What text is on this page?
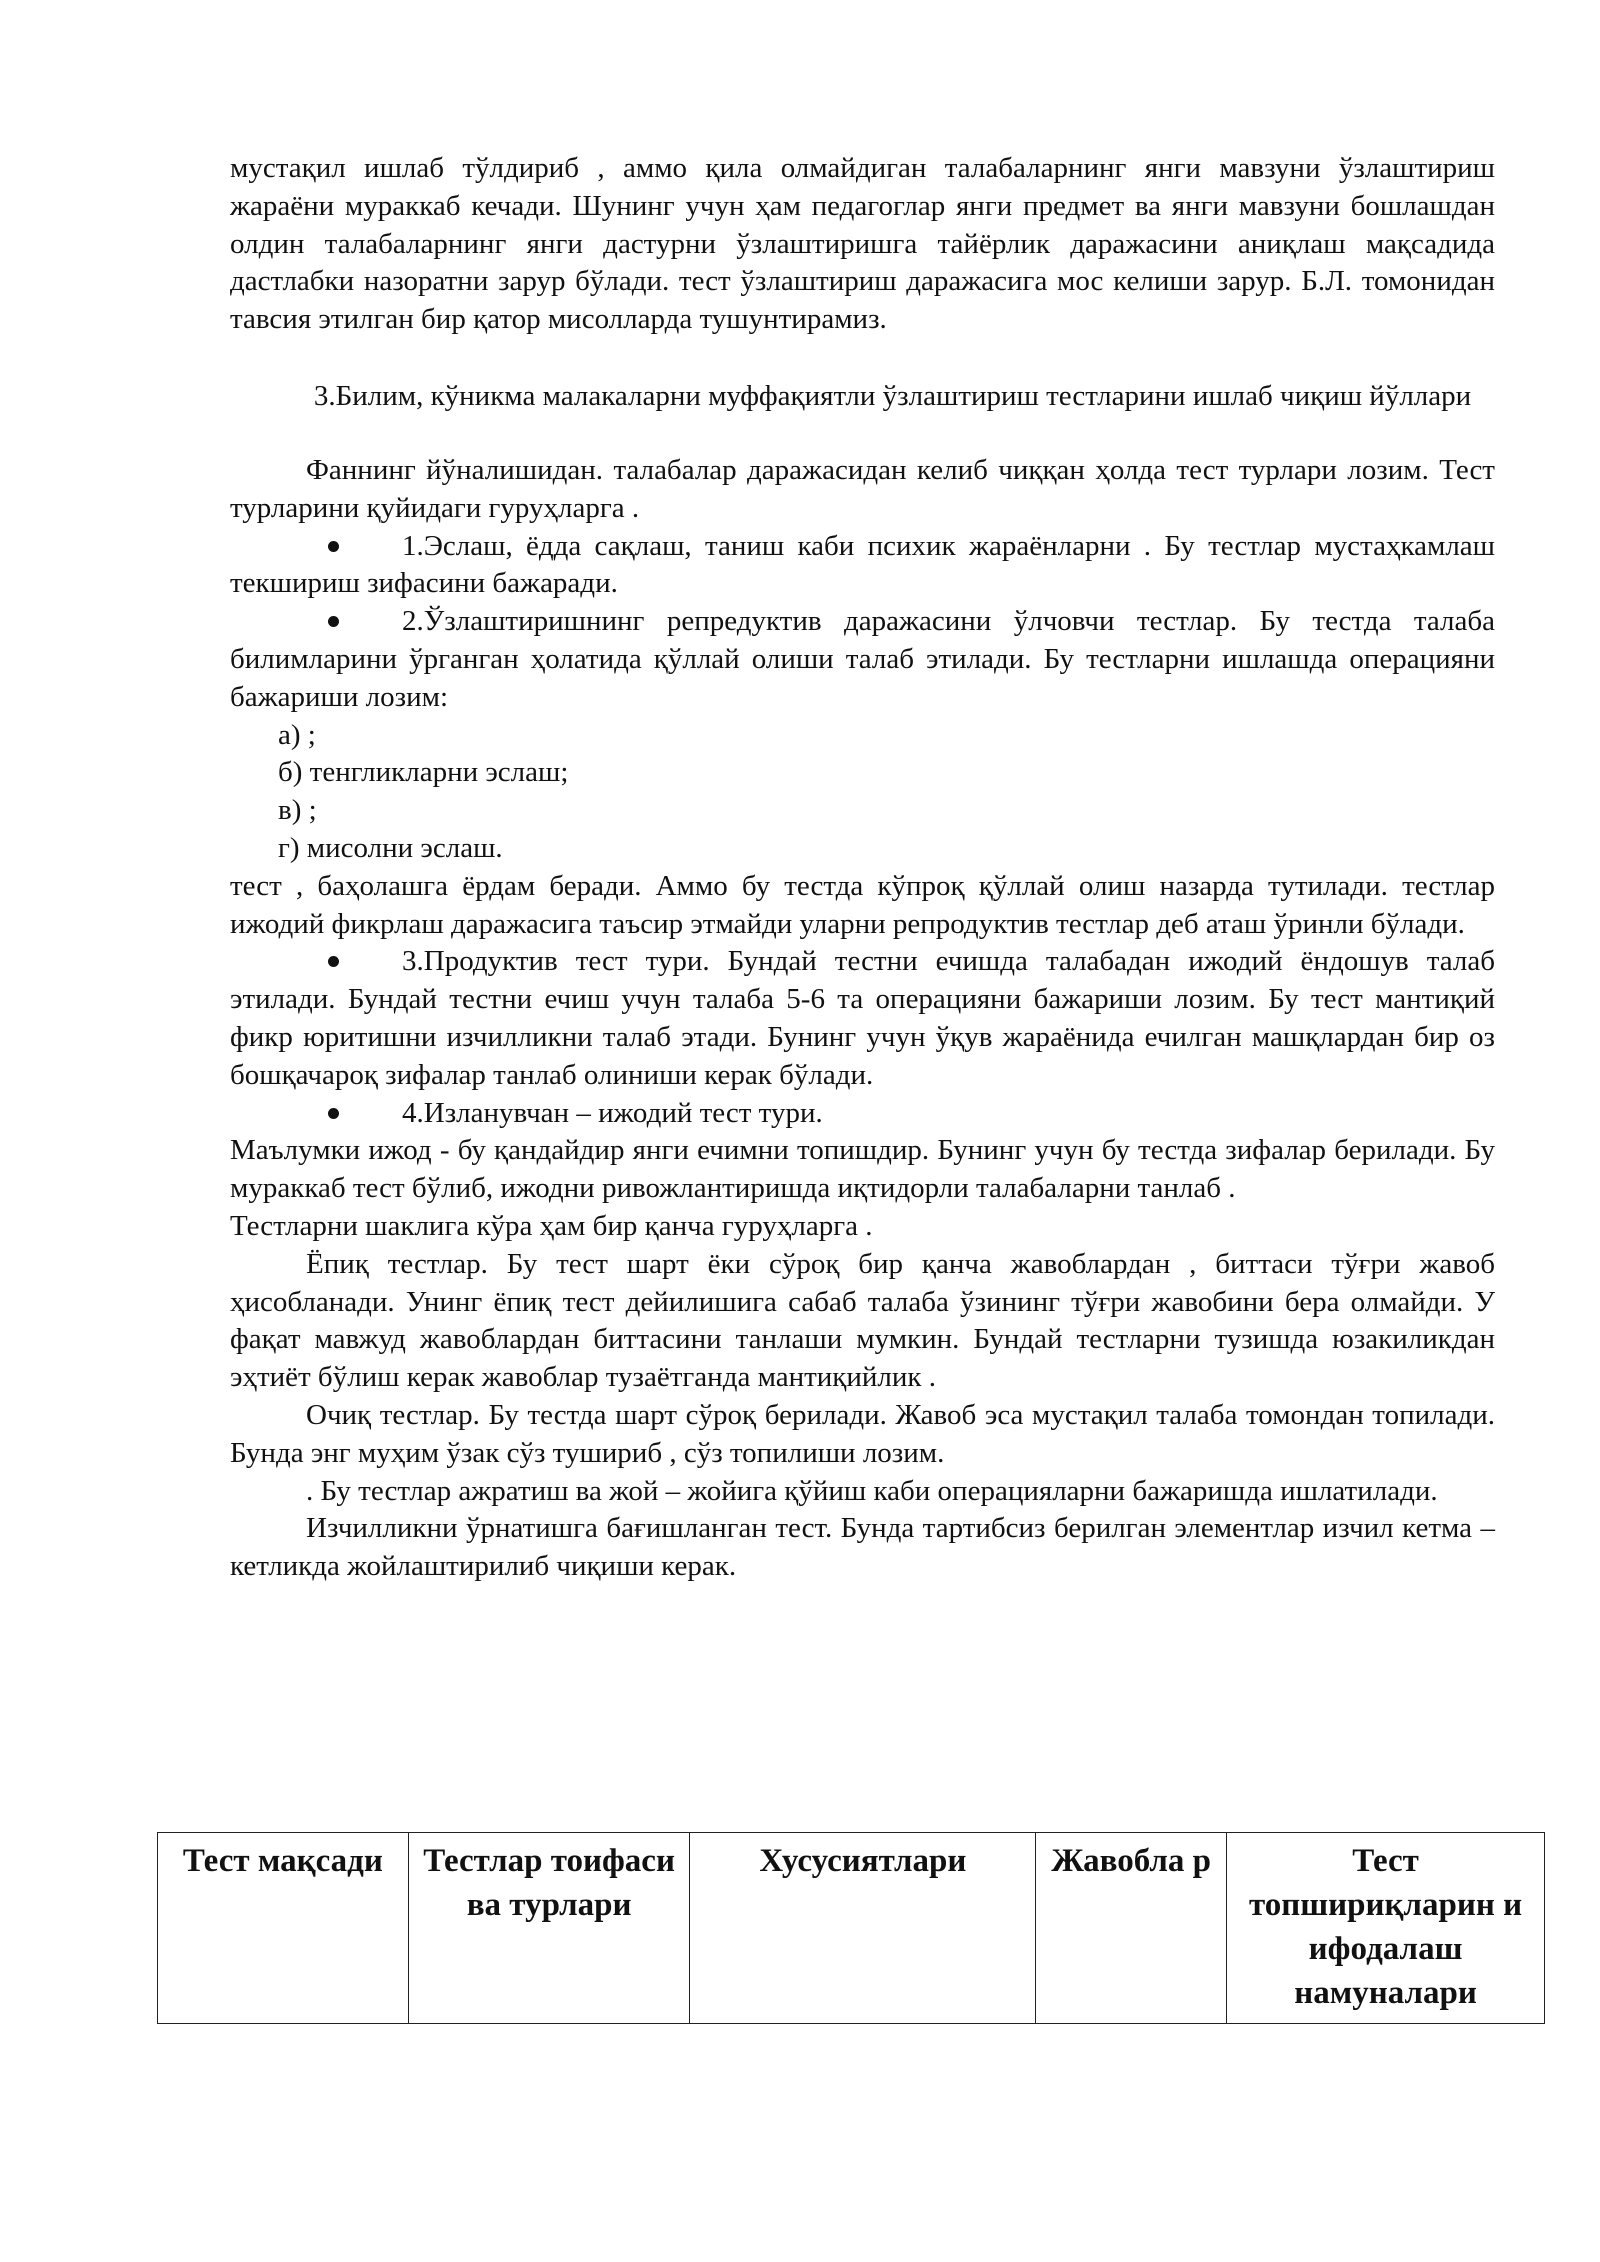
мустақил ишлаб тўлдириб , аммо қила олмайдиган талабаларнинг янги мавзуни ўзлаштириш жараёни мураккаб кечади. Шунинг учун ҳам педагоглар янги предмет ва янги мавзуни бошлашдан олдин талабаларнинг янги дастурни ўзлаштиришга тайёрлик даражасини аниқлаш мақсадида дастлабки назоратни зарур бўлади. тест ўзлаштириш даражасига мос келиши зарур. Б.Л. томонидан тавсия этилган бир қатор мисолларда тушунтирамиз.

3.Билим, кўникма малакаларни муффақиятли ўзлаштириш тестларини ишлаб чиқиш йўллари

Фаннинг йўналишидан. талабалар даражасидан келиб чиққан ҳолда тест турлари лозим. Тест турларини қуйидаги гуруҳларга .

1.Эслаш, ёдда сақлаш, таниш каби психик жараёнларни . Бу тестлар мустаҳкамлаш текшириш зифасини бажаради.

2.Ўзлаштиришнинг репредуктив даражасини ўлчовчи тестлар. Бу тестда талаба билимларини ўрганган ҳолатида қўллай олиши талаб этилади. Бу тестларни ишлашда операцияни бажариши лозим:

а) ;

б) тенгликларни эслаш;

в) ;

г) мисолни эслаш.

тест , баҳолашга ёрдам беради. Аммо бу тестда кўпроқ қўллай олиш назарда тутилади. тестлар ижодий фикрлаш даражасига таъсир этмайди уларни репродуктив тестлар деб аташ ўринли бўлади.

3.Продуктив тест тури. Бундай тестни ечишда талабадан ижодий ёндошув талаб этилади. Бундай тестни ечиш учун талаба 5-6 та операцияни бажариши лозим. Бу тест мантиқий фикр юритишни изчилликни талаб этади. Бунинг учун ўқув жараёнида ечилган машқлардан бир оз бошқачароқ зифалар танлаб олиниши керак бўлади.

4.Изланувчан – ижодий тест тури.

Маълумки ижод - бу қандайдир янги ечимни топишдир. Бунинг учун бу тестда зифалар берилади. Бу мураккаб тест бўлиб, ижодни ривожлантиришда иқтидорли талабаларни танлаб .

Тестларни шаклига кўра ҳам бир қанча гуруҳларга .

Ёпиқ тестлар. Бу тест шарт ёки сўроқ бир қанча жавоблардан , биттаси тўғри жавоб ҳисобланади. Унинг ёпиқ тест дейилишига сабаб талаба ўзининг тўғри жавобини бера олмайди. У фақат мавжуд жавоблардан биттасини танлаши мумкин. Бундай тестларни тузишда юзакиликдан эҳтиёт бўлиш керак жавоблар тузаётганда мантиқийлик .

Очиқ тестлар. Бу тестда шарт сўроқ берилади. Жавоб эса мустақил талаба томондан топилади. Бунда энг муҳим ўзак сўз тушириб , сўз топилиши лозим.

. Бу тестлар ажратиш ва жой – жойига қўйиш каби операцияларни бажаришда ишлатилади.

Изчилликни ўрнатишга бағишланган тест. Бунда тартибсиз берилган элементлар изчил кетма – кетликда жойлаштирилиб чиқиши керак.

Тест мақсади	Тестлар тоифаси ва турлари	Хусусиятлари	Жавобла р	Тест топшириқларин и ифодалаш намуналари
